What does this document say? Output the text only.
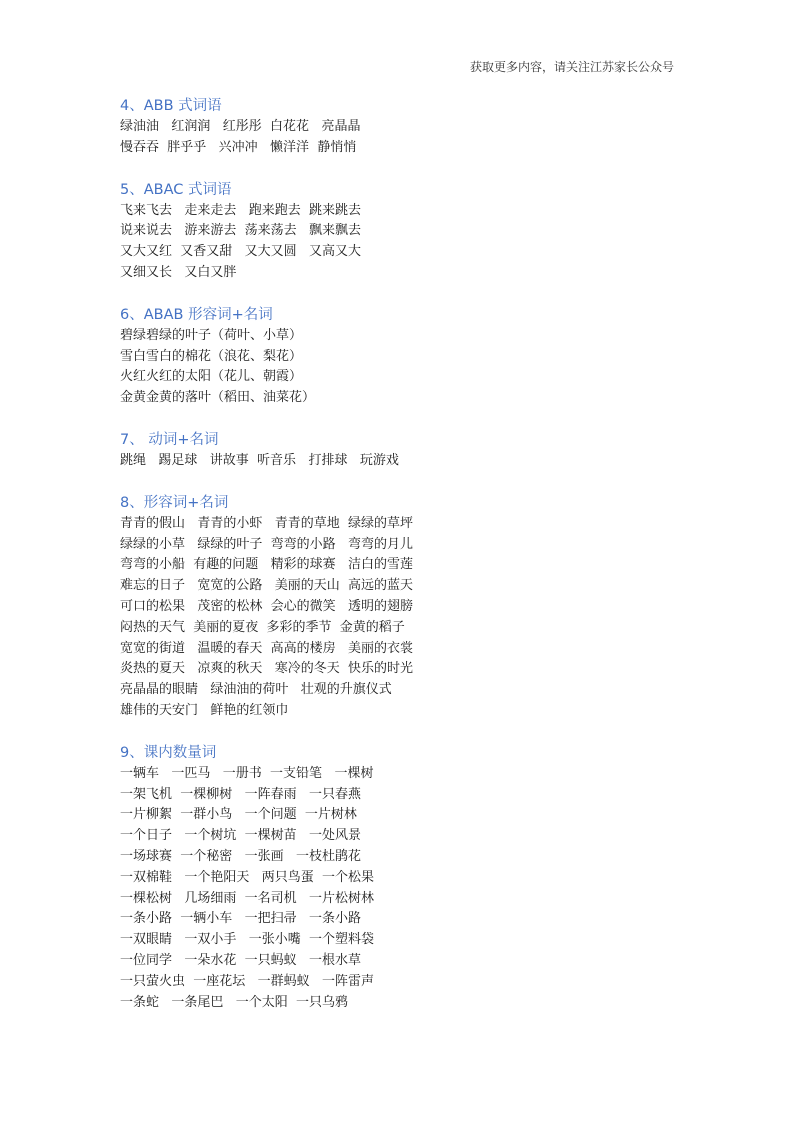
获取更多内容，请关注江苏家长公众号
4、ABB 式词语
绿油油   红润润   红彤彤  白花花   亮晶晶
慢吞吞  胖乎乎   兴冲冲   懒洋洋  静悄悄
5、ABAC 式词语
飞来飞去   走来走去   跑来跑去  跳来跳去
说来说去   游来游去  荡来荡去   飘来飘去
又大又红  又香又甜   又大又圆   又高又大
又细又长   又白又胖
6、ABAB 形容词+名词
碧绿碧绿的叶子（荷叶、小草）
雪白雪白的棉花（浪花、梨花）
火红火红的太阳（花儿、朝霞）
金黄金黄的落叶（稻田、油菜花）
7、 动词+名词
跳绳   踢足球   讲故事  听音乐   打排球   玩游戏
8、形容词+名词
青青的假山   青青的小虾   青青的草地  绿绿的草坪
绿绿的小草   绿绿的叶子  弯弯的小路   弯弯的月儿
弯弯的小船  有趣的问题   精彩的球赛   洁白的雪莲
难忘的日子   宽宽的公路   美丽的天山  高远的蓝天
可口的松果   茂密的松林  会心的微笑   透明的翅膀
闷热的天气  美丽的夏夜  多彩的季节  金黄的稻子
宽宽的街道   温暖的春天  高高的楼房   美丽的衣裳
炎热的夏天   凉爽的秋天   寒冷的冬天  快乐的时光
亮晶晶的眼睛   绿油油的荷叶   壮观的升旗仪式
雄伟的天安门   鲜艳的红领巾
9、课内数量词
一辆车   一匹马   一册书  一支铅笔   一棵树
一架飞机  一棵柳树   一阵春雨   一只春燕
一片柳絮  一群小鸟   一个问题  一片树林
一个日子   一个树坑  一棵树苗   一处风景
一场球赛  一个秘密   一张画   一枝杜鹃花
一双棉鞋   一个艳阳天   两只鸟蛋  一个松果
一棵松树   几场细雨  一名司机   一片松树林
一条小路  一辆小车   一把扫帚   一条小路
一双眼睛   一双小手   一张小嘴  一个塑料袋
一位同学   一朵水花  一只蚂蚁   一根水草
一只萤火虫  一座花坛   一群蚂蚁   一阵雷声
一条蛇   一条尾巴   一个太阳  一只乌鸦
